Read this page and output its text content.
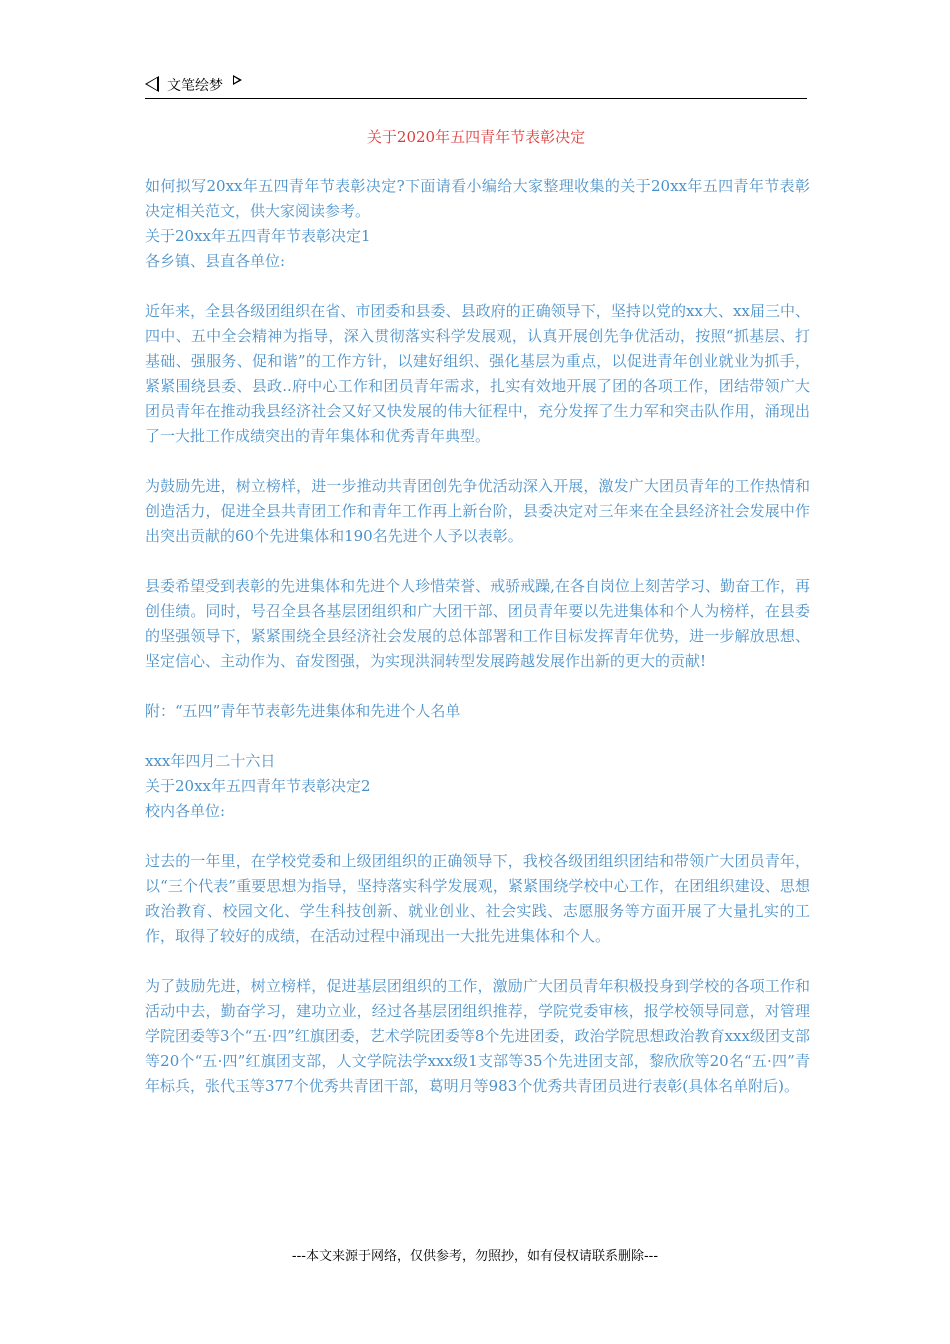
文笔绘梦
关于2020年五四青年节表彰决定

如何拟写20xx年五四青年节表彰决定?下面请看小编给大家整理收集的关于20xx年五四青年节表彰决定相关范文，供大家阅读参考。

关于20xx年五四青年节表彰决定1

各乡镇、县直各单位:

近年来，全县各级团组织在省、市团委和县委、县政府的正确领导下，坚持以党的xx大、xx届三中、四中、五中全会精神为指导，深入贯彻落实科学发展观，认真开展创先争优活动，按照“抓基层、打基础、强服务、促和谐”的工作方针，以建好组织、强化基层为重点，以促进青年创业就业为抓手，紧紧围绕县委、县政..府中心工作和团员青年需求，扎实有效地开展了团的各项工作，团结带领广大团员青年在推动我县经济社会又好又快发展的伟大征程中，充分发挥了生力军和突击队作用，涌现出了一大批工作成绩突出的青年集体和优秀青年典型。

为鼓励先进，树立榜样，进一步推动共青团创先争优活动深入开展，激发广大团员青年的工作热情和创造活力，促进全县共青团工作和青年工作再上新台阶，县委决定对三年来在全县经济社会发展中作出突出贡献的60个先进集体和190名先进个人予以表彰。

县委希望受到表彰的先进集体和先进个人珍惜荣誉、戒骄戒躁,在各自岗位上刻苦学习、勤奋工作，再创佳绩。同时，号召全县各基层团组织和广大团干部、团员青年要以先进集体和个人为榜样，在县委的坚强领导下，紧紧围绕全县经济社会发展的总体部署和工作目标发挥青年优势，进一步解放思想、坚定信心、主动作为、奋发图强，为实现洪洞转型发展跨越发展作出新的更大的贡献!

附：“五四”青年节表彰先进集体和先进个人名单

xxx年四月二十六日

关于20xx年五四青年节表彰决定2

校内各单位:

过去的一年里，在学校党委和上级团组织的正确领导下，我校各级团组织团结和带领广大团员青年，以“三个代表”重要思想为指导，坚持落实科学发展观，紧紧围绕学校中心工作，在团组织建设、思想政治教育、校园文化、学生科技创新、就业创业、社会实践、志愿服务等方面开展了大量扎实的工作，取得了较好的成绩，在活动过程中涌现出一大批先进集体和个人。

为了鼓励先进，树立榜样，促进基层团组织的工作，激励广大团员青年积极投身到学校的各项工作和活动中去，勤奋学习，建功立业，经过各基层团组织推荐，学院党委审核，报学校领导同意，对管理学院团委等3个“五·四”红旗团委，艺术学院团委等8个先进团委，政治学院思想政治教育xxx级团支部等20个“五·四”红旗团支部，人文学院法学xxx级1支部等35个先进团支部，黎欣欣等20名“五·四”青年标兵，张代玉等377个优秀共青团干部，葛明月等983个优秀共青团员进行表彰(具体名单附后)。

---本文来源于网络，仅供参考，勿照抄，如有侵权请联系删除---
